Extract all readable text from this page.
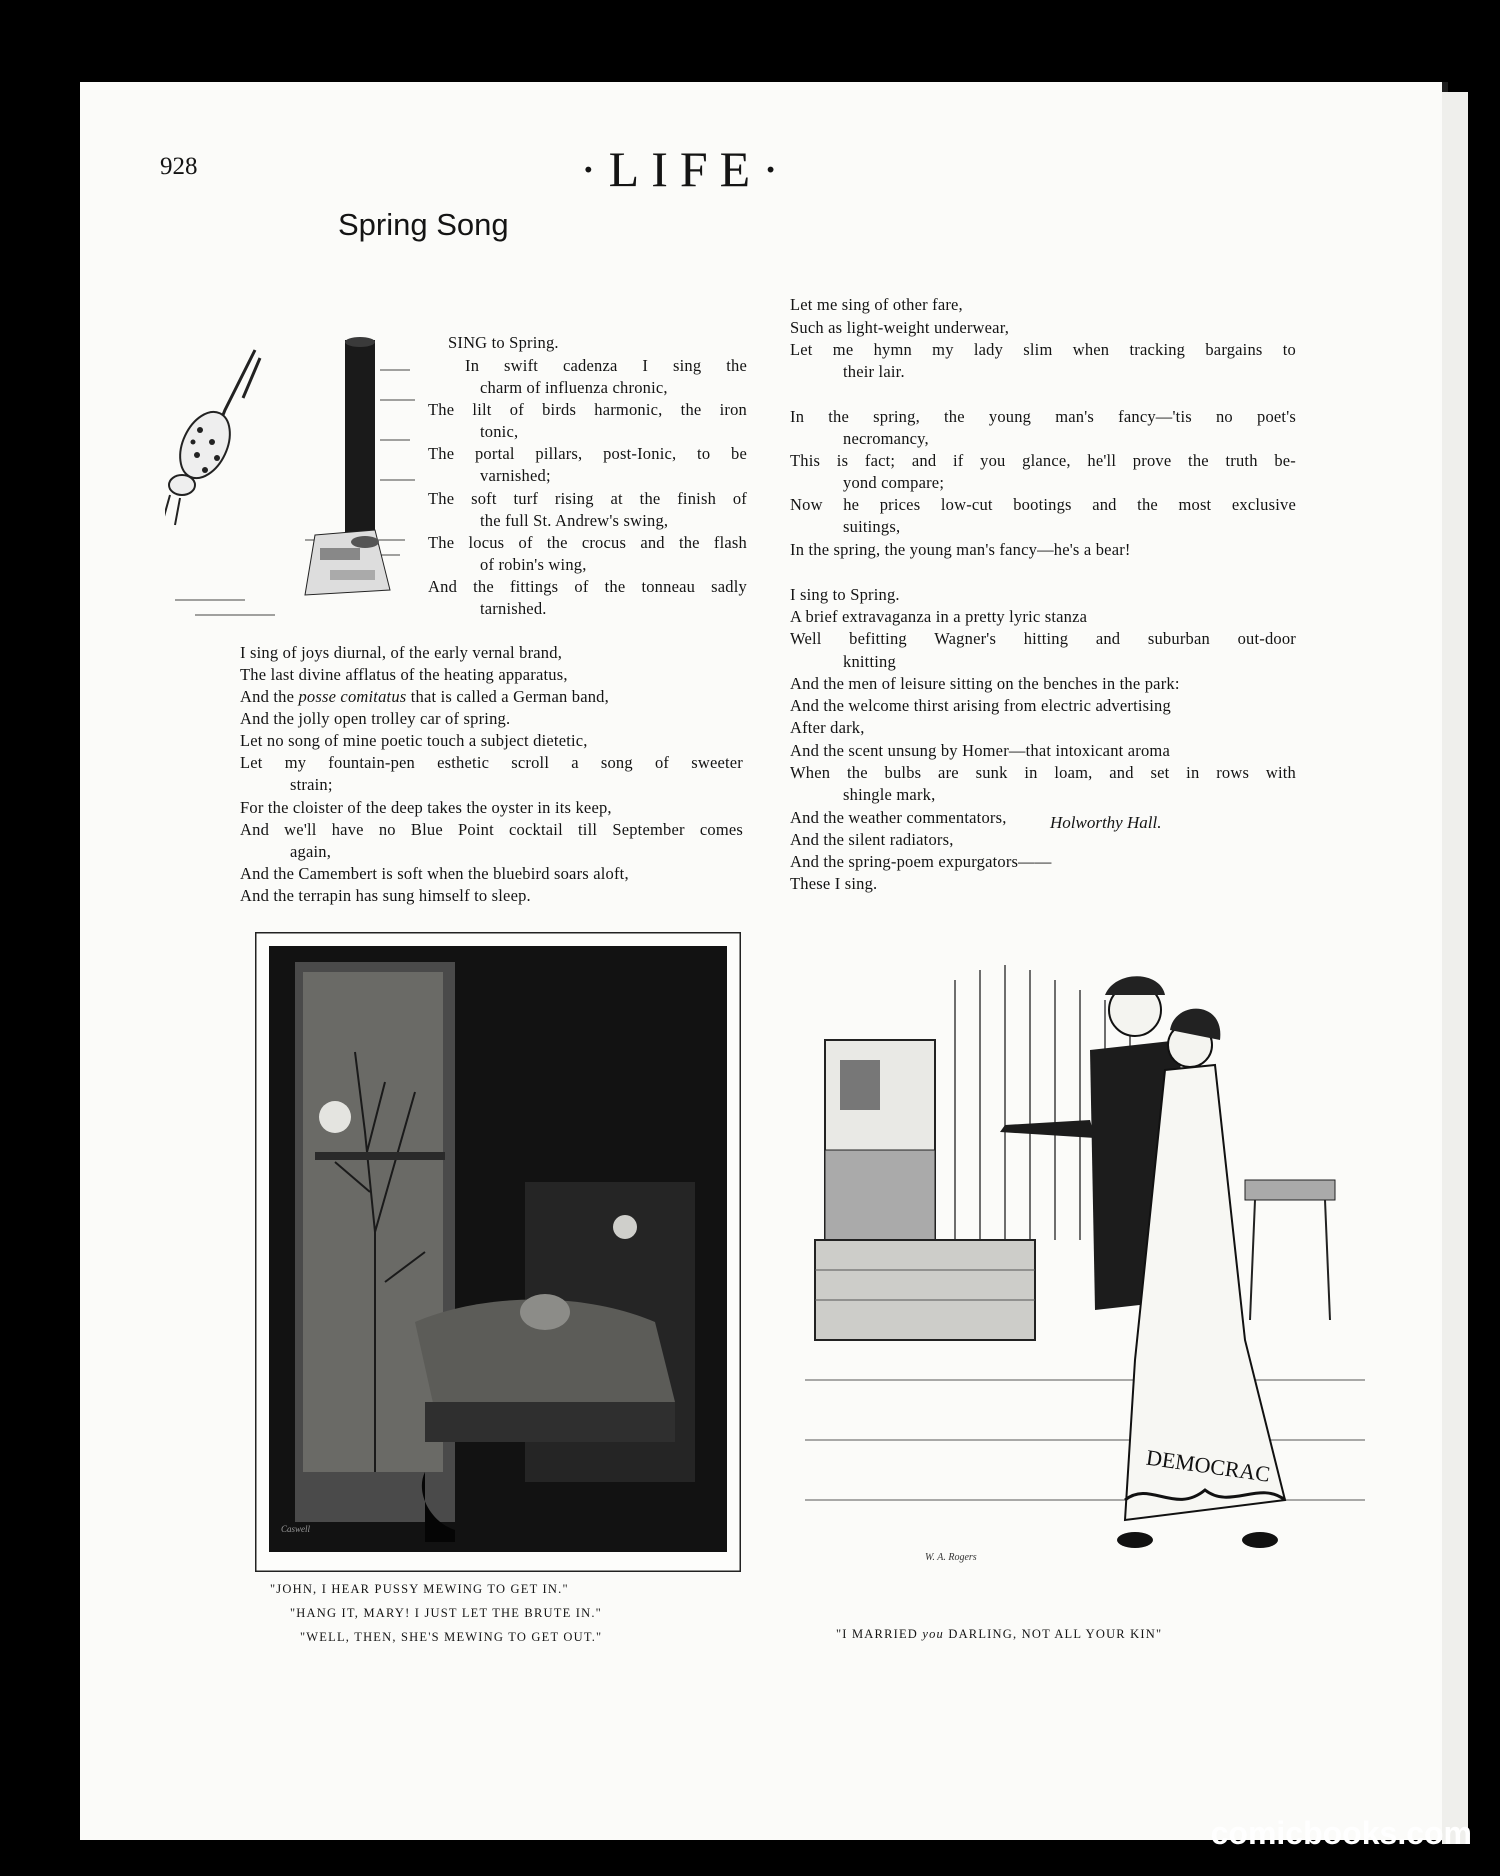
928	·LIFE·
Spring Song
SING to Spring.
In swift cadenza I sing the
charm of influenza chronic,
The lilt of birds harmonic, the iron
tonic,
The portal pillars, post-Ionic, to be
varnished;
The soft turf rising at the finish of
the full St. Andrew's swing,
The locus of the crocus and the flash
of robin's wing,
And the fittings of the tonneau sadly
tarnished.
I sing of joys diurnal, of the early vernal brand,
The last divine afflatus of the heating apparatus,
And the posse comitatus that is called a German band,
And the jolly open trolley car of spring.
Let no song of mine poetic touch a subject dietetic,
Let my fountain-pen esthetic scroll a song of sweeter
strain;
For the cloister of the deep takes the oyster in its keep,
And we'll have no Blue Point cocktail till September comes
again,
And the Camembert is soft when the bluebird soars aloft,
And the terrapin has sung himself to sleep.
Let me sing of other fare,
Such as light-weight underwear,
Let me hymn my lady slim when tracking bargains to
their lair.
In the spring, the young man's fancy—'tis no poet's
necromancy,
This is fact; and if you glance, he'll prove the truth be-
yond compare;
Now he prices low-cut bootings and the most exclusive
suitings,
In the spring, the young man's fancy—he's a bear!
I sing to Spring.
A brief extravaganza in a pretty lyric stanza
Well befitting Wagner's hitting and suburban out-door
knitting
And the men of leisure sitting on the benches in the park:
And the welcome thirst arising from electric advertising
After dark,
And the scent unsung by Homer—that intoxicant aroma
When the bulbs are sunk in loam, and set in rows with
shingle mark,
And the weather commentators,
And the silent radiators,
And the spring-poem expurgators——
These I sing.
Holworthy Hall.
Caswell
DEMOCRAC
W. A. Rogers
"JOHN, I HEAR PUSSY MEWING TO GET IN."
"HANG IT, MARY! I JUST LET THE BRUTE IN."
"WELL, THEN, SHE'S MEWING TO GET OUT."	"I MARRIED you DARLING, NOT ALL YOUR KIN"
comicbooks.com
